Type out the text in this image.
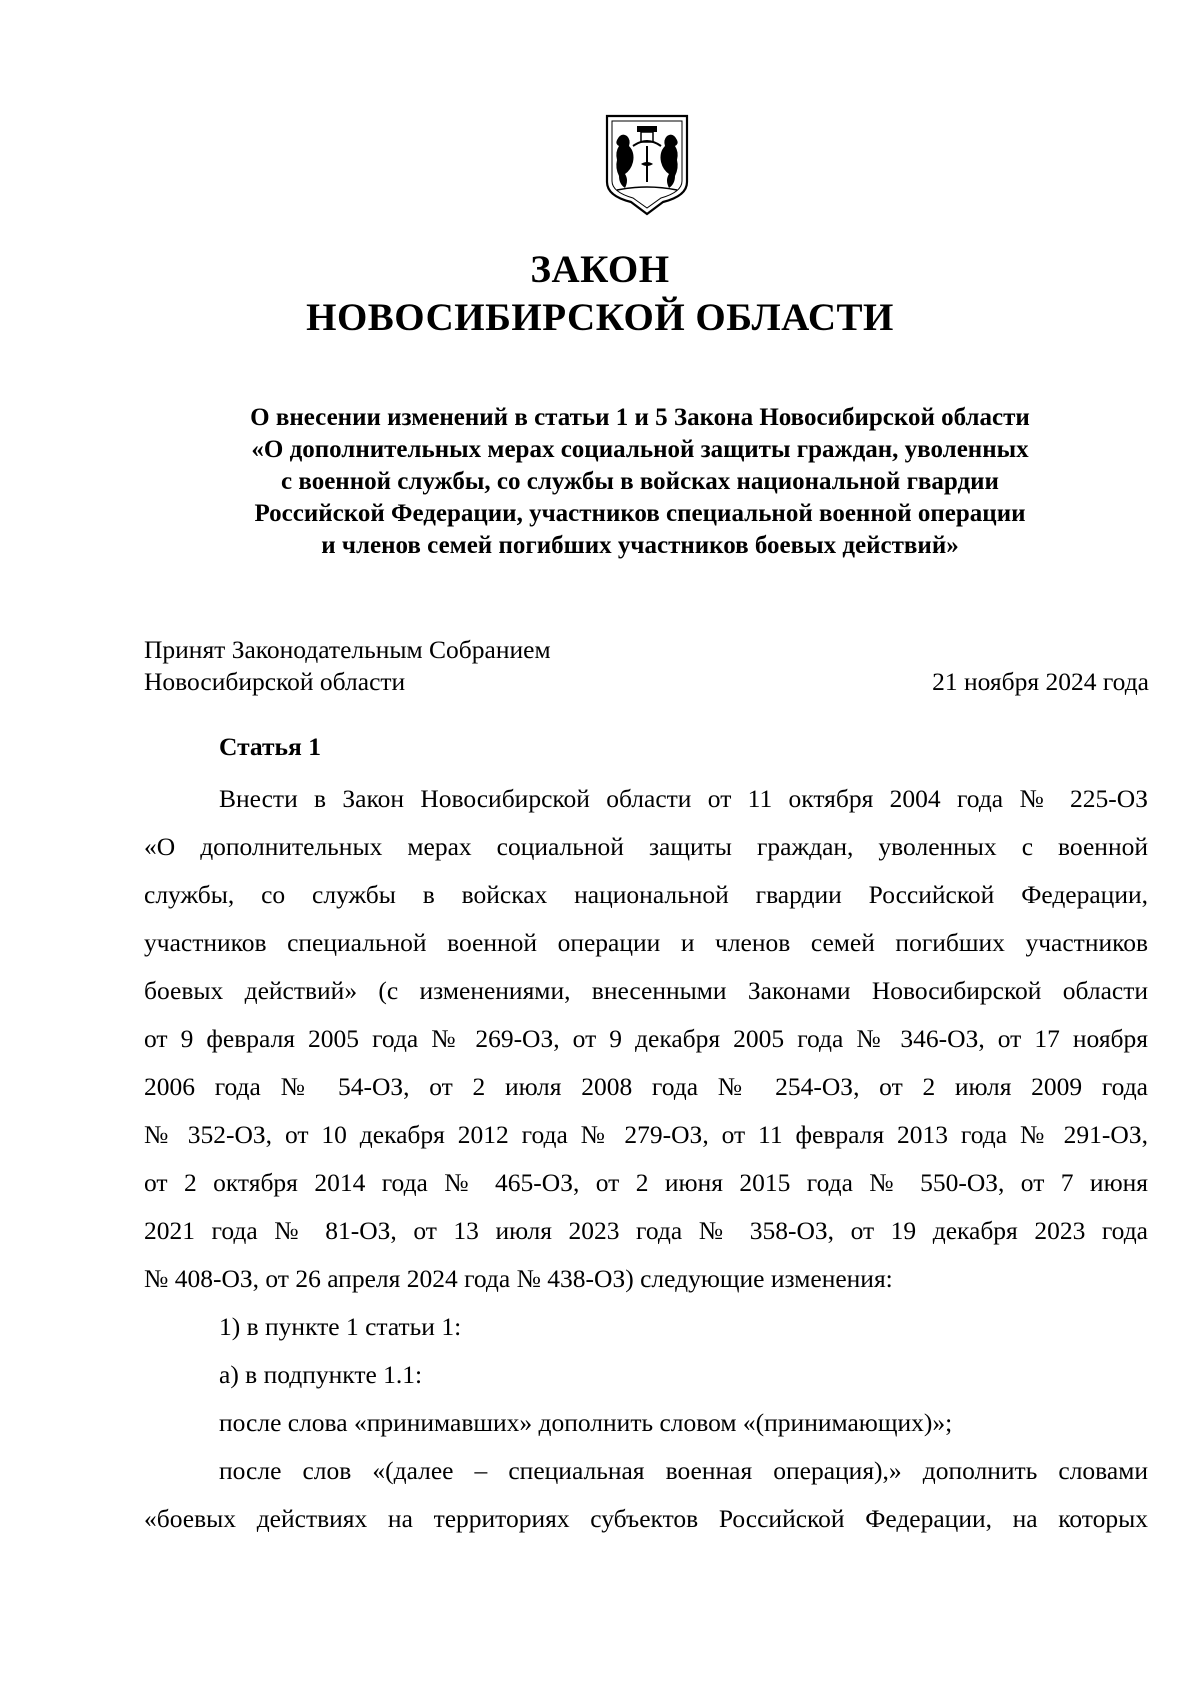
ЗАКОН
НОВОСИБИРСКОЙ ОБЛАСТИ
О внесении изменений в статьи 1 и 5 Закона Новосибирской области
«О дополнительных мерах социальной защиты граждан, уволенных
с военной службы, со службы в войсках национальной гвардии
Российской Федерации, участников специальной военной операции
и членов семей погибших участников боевых действий»
Принят Законодательным Собранием
Новосибирской области	21 ноября 2024 года
Статья 1
Внести в Закон Новосибирской области от 11 октября 2004 года № 225-ОЗ
«О дополнительных мерах социальной защиты граждан, уволенных с военной
службы, со службы в войсках национальной гвардии Российской Федерации,
участников специальной военной операции и членов семей погибших участников
боевых действий» (с изменениями, внесенными Законами Новосибирской области
от 9 февраля 2005 года № 269-ОЗ, от 9 декабря 2005 года № 346-ОЗ, от 17 ноября
2006 года № 54-ОЗ, от 2 июля 2008 года № 254-ОЗ, от 2 июля 2009 года
№ 352-ОЗ, от 10 декабря 2012 года № 279-ОЗ, от 11 февраля 2013 года № 291-ОЗ,
от 2 октября 2014 года № 465-ОЗ, от 2 июня 2015 года № 550-ОЗ, от 7 июня
2021 года № 81-ОЗ, от 13 июля 2023 года № 358-ОЗ, от 19 декабря 2023 года
№ 408-ОЗ, от 26 апреля 2024 года № 438-ОЗ) следующие изменения:
1) в пункте 1 статьи 1:
а) в подпункте 1.1:
после слова «принимавших» дополнить словом «(принимающих)»;
после слов «(далее – специальная военная операция),» дополнить словами
«боевых действиях на территориях субъектов Российской Федерации, на которых
